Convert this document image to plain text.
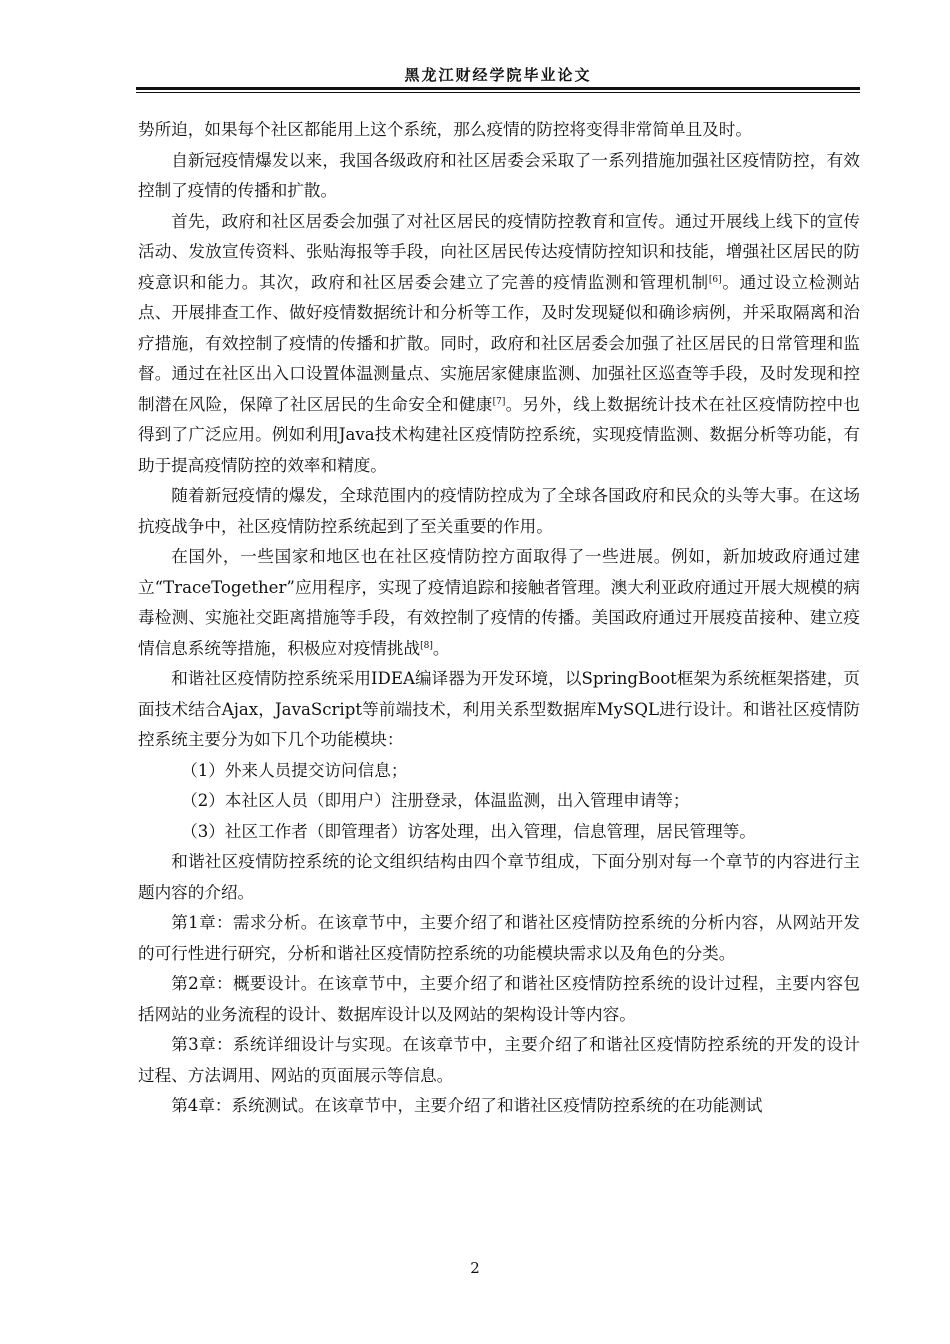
黑龙江财经学院毕业论文

势所迫，如果每个社区都能用上这个系统，那么疫情的防控将变得非常简单且及时。

自新冠疫情爆发以来，我国各级政府和社区居委会采取了一系列措施加强社区疫情防控，有效控制了疫情的传播和扩散。

首先，政府和社区居委会加强了对社区居民的疫情防控教育和宣传。通过开展线上线下的宣传活动、发放宣传资料、张贴海报等手段，向社区居民传达疫情防控知识和技能，增强社区居民的防疫意识和能力。其次，政府和社区居委会建立了完善的疫情监测和管理机制[6]。通过设立检测站点、开展排查工作、做好疫情数据统计和分析等工作，及时发现疑似和确诊病例，并采取隔离和治疗措施，有效控制了疫情的传播和扩散。同时，政府和社区居委会加强了社区居民的日常管理和监督。通过在社区出入口设置体温测量点、实施居家健康监测、加强社区巡查等手段，及时发现和控制潜在风险，保障了社区居民的生命安全和健康[7]。另外，线上数据统计技术在社区疫情防控中也得到了广泛应用。例如利用Java技术构建社区疫情防控系统，实现疫情监测、数据分析等功能，有助于提高疫情防控的效率和精度。

随着新冠疫情的爆发，全球范围内的疫情防控成为了全球各国政府和民众的头等大事。在这场抗疫战争中，社区疫情防控系统起到了至关重要的作用。

在国外，一些国家和地区也在社区疫情防控方面取得了一些进展。例如，新加坡政府通过建立“TraceTogether”应用程序，实现了疫情追踪和接触者管理。澳大利亚政府通过开展大规模的病毒检测、实施社交距离措施等手段，有效控制了疫情的传播。美国政府通过开展疫苗接种、建立疫情信息系统等措施，积极应对疫情挑战[8]。

和谐社区疫情防控系统采用IDEA编译器为开发环境，以SpringBoot框架为系统框架搭建，页面技术结合Ajax，JavaScript等前端技术，利用关系型数据库MySQL进行设计。和谐社区疫情防控系统主要分为如下几个功能模块：

（1）外来人员提交访问信息；

（2）本社区人员（即用户）注册登录，体温监测，出入管理申请等；

（3）社区工作者（即管理者）访客处理，出入管理，信息管理，居民管理等。

和谐社区疫情防控系统的论文组织结构由四个章节组成，下面分别对每一个章节的内容进行主题内容的介绍。

第1章：需求分析。在该章节中，主要介绍了和谐社区疫情防控系统的分析内容，从网站开发的可行性进行研究，分析和谐社区疫情防控系统的功能模块需求以及角色的分类。

第2章：概要设计。在该章节中，主要介绍了和谐社区疫情防控系统的设计过程，主要内容包括网站的业务流程的设计、数据库设计以及网站的架构设计等内容。

第3章：系统详细设计与实现。在该章节中，主要介绍了和谐社区疫情防控系统的开发的设计过程、方法调用、网站的页面展示等信息。

第4章：系统测试。在该章节中，主要介绍了和谐社区疫情防控系统的在功能测试

2
